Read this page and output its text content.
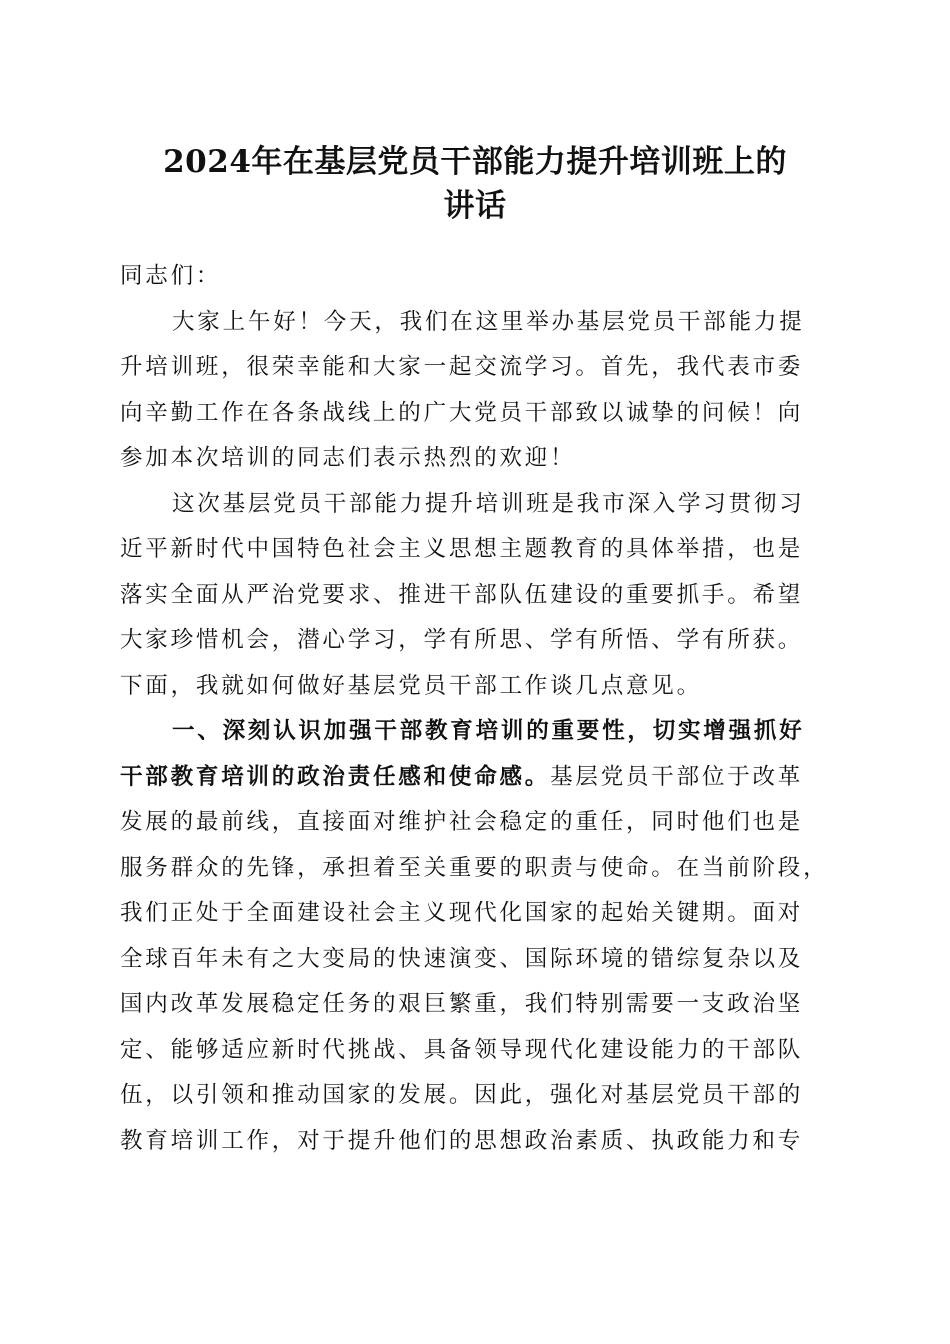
2024年在基层党员干部能力提升培训班上的
讲话
同志们：
大家上午好！今天，我们在这里举办基层党员干部能力提
升培训班，很荣幸能和大家一起交流学习。首先，我代表市委
向辛勤工作在各条战线上的广大党员干部致以诚挚的问候！向
参加本次培训的同志们表示热烈的欢迎！
这次基层党员干部能力提升培训班是我市深入学习贯彻习
近平新时代中国特色社会主义思想主题教育的具体举措，也是
落实全面从严治党要求、推进干部队伍建设的重要抓手。希望
大家珍惜机会，潜心学习，学有所思、学有所悟、学有所获。
下面，我就如何做好基层党员干部工作谈几点意见。
一、深刻认识加强干部教育培训的重要性，切实增强抓好
干部教育培训的政治责任感和使命感。基层党员干部位于改革
发展的最前线，直接面对维护社会稳定的重任，同时他们也是
服务群众的先锋，承担着至关重要的职责与使命。在当前阶段，
我们正处于全面建设社会主义现代化国家的起始关键期。面对
全球百年未有之大变局的快速演变、国际环境的错综复杂以及
国内改革发展稳定任务的艰巨繁重，我们特别需要一支政治坚
定、能够适应新时代挑战、具备领导现代化建设能力的干部队
伍，以引领和推动国家的发展。因此，强化对基层党员干部的
教育培训工作，对于提升他们的思想政治素质、执政能力和专
